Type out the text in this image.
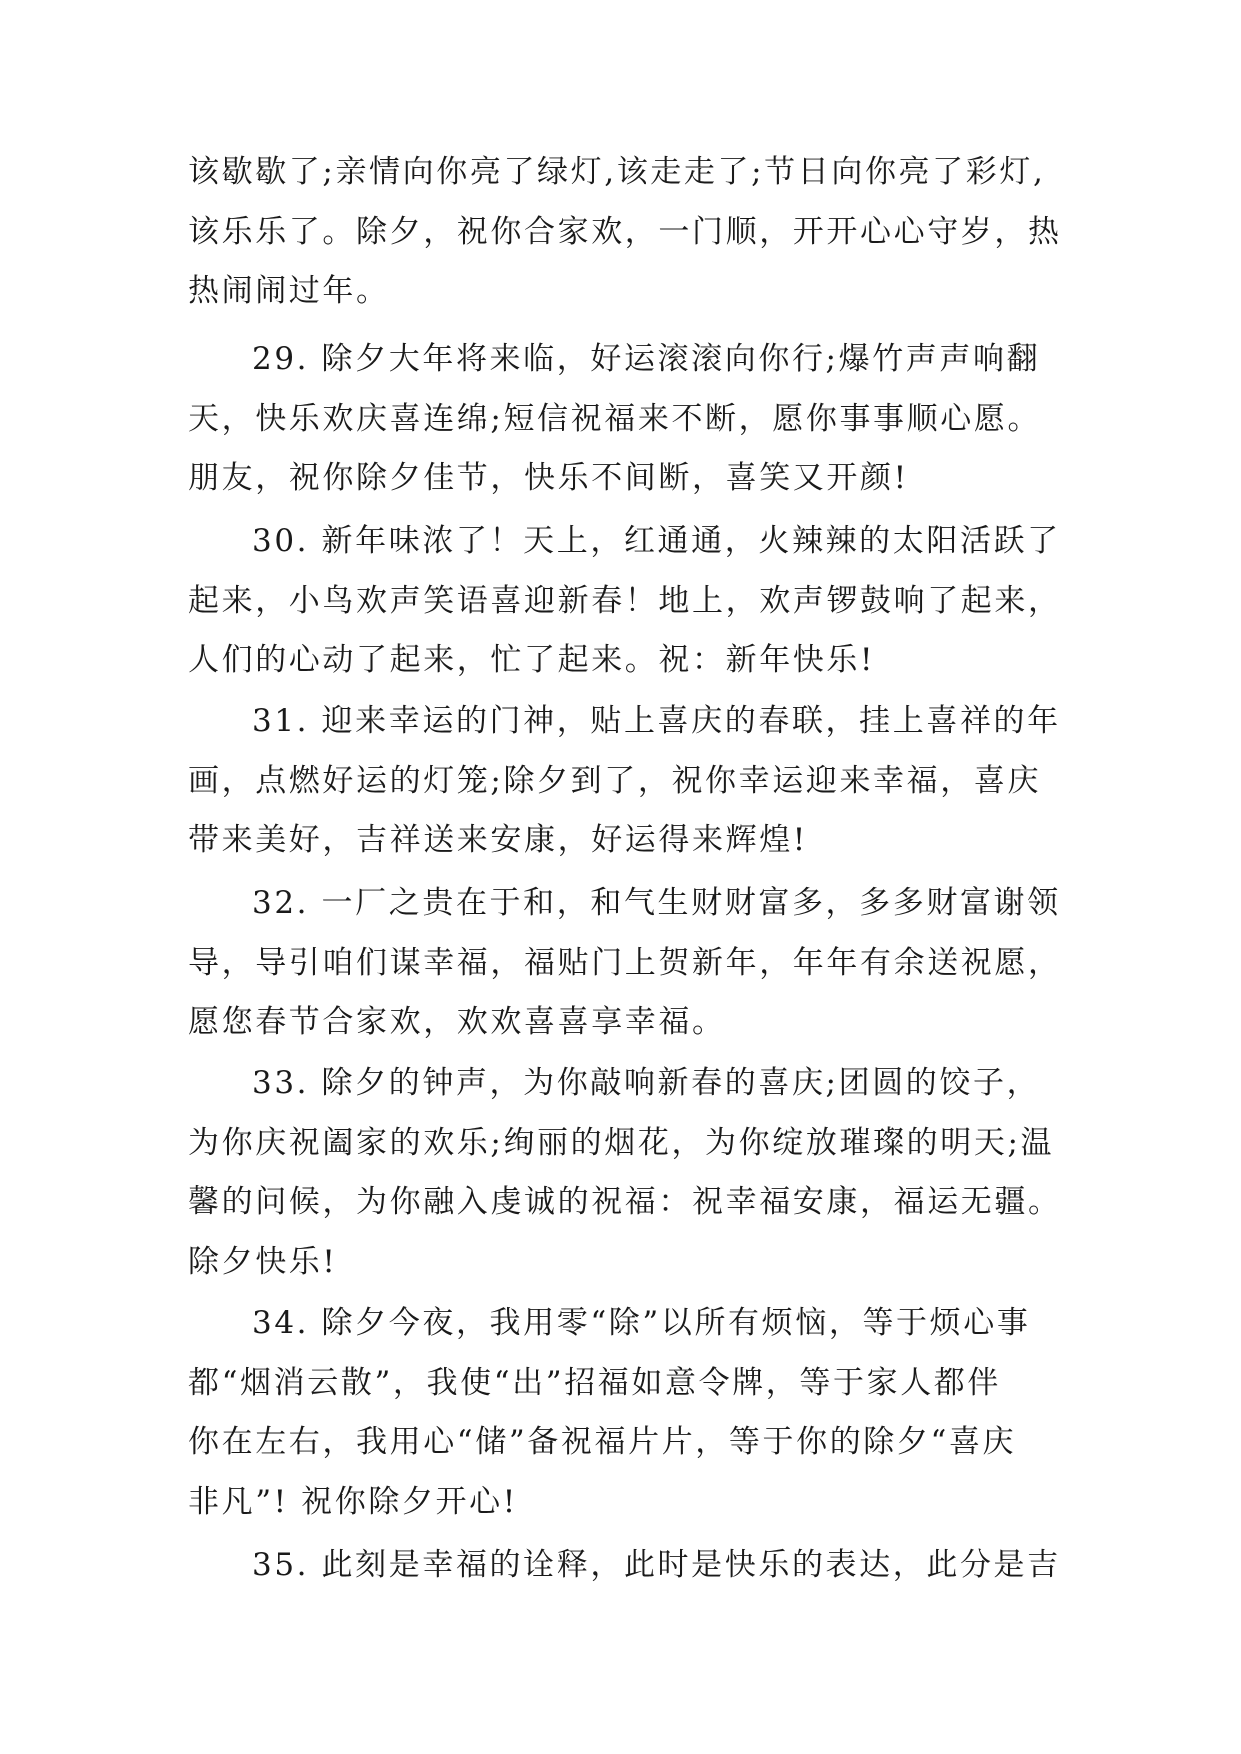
该歇歇了;亲情向你亮了绿灯,该走走了;节日向你亮了彩灯,
该乐乐了。除夕，祝你合家欢，一门顺，开开心心守岁，热
热闹闹过年。
29. 除夕大年将来临，好运滚滚向你行;爆竹声声响翻
天，快乐欢庆喜连绵;短信祝福来不断，愿你事事顺心愿。
朋友，祝你除夕佳节，快乐不间断，喜笑又开颜!
30. 新年味浓了！天上，红通通，火辣辣的太阳活跃了
起来，小鸟欢声笑语喜迎新春！地上，欢声锣鼓响了起来，
人们的心动了起来，忙了起来。祝：新年快乐!
31. 迎来幸运的门神，贴上喜庆的春联，挂上喜祥的年
画，点燃好运的灯笼;除夕到了，祝你幸运迎来幸福，喜庆
带来美好，吉祥送来安康，好运得来辉煌!
32. 一厂之贵在于和，和气生财财富多，多多财富谢领
导，导引咱们谋幸福，福贴门上贺新年，年年有余送祝愿，
愿您春节合家欢，欢欢喜喜享幸福。
33. 除夕的钟声，为你敲响新春的喜庆;团圆的饺子，
为你庆祝阖家的欢乐;绚丽的烟花，为你绽放璀璨的明天;温
馨的问候，为你融入虔诚的祝福：祝幸福安康，福运无疆。
除夕快乐!
34. 除夕今夜，我用零“除”以所有烦恼，等于烦心事
都“烟消云散”，我使“出”招福如意令牌，等于家人都伴
你在左右，我用心“储”备祝福片片，等于你的除夕“喜庆
非凡”! 祝你除夕开心!
35. 此刻是幸福的诠释，此时是快乐的表达，此分是吉
